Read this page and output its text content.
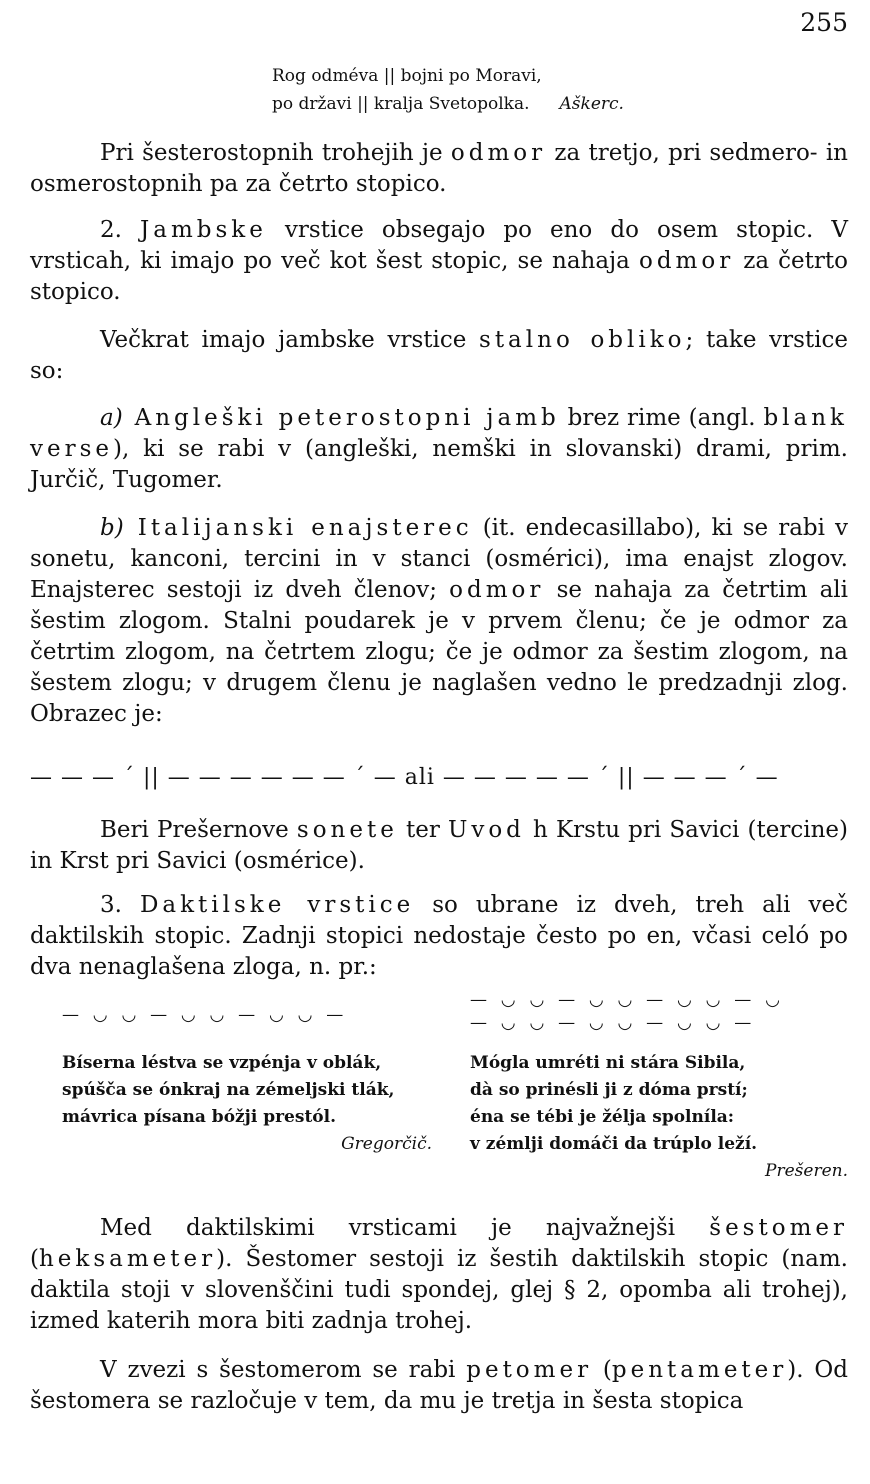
255
Rog odméva || bojni po Moravi,
po državi || kralja Svetopolka. Aškerc.

Pri šesterostopnih trohejih je odmor za tretjo, pri sedmero- in osmerostopnih pa za četrto stopico.

2. Jambske vrstice obsegajo po eno do osem stopic. V vrsticah, ki imajo po več kot šest stopic, se nahaja odmor za četrto stopico.

Večkrat imajo jambske vrstice stalno obliko; take vrstice so:

a) Angleški peterostopni jamb brez rime (angl. blank verse), ki se rabi v (angleški, nemški in slovanski) drami, prim. Jurčič, Tugomer.

b) Italijanski enajsterec (it. endecasillabo), ki se rabi v sonetu, kanconi, tercini in v stanci (osmérici), ima enajst zlogov. Enajsterec sestoji iz dveh členov; odmor se nahaja za četrtim ali šestim zlogom. Stalni poudarek je v prvem členu; če je odmor za četrtim zlogom, na četrtem zlogu; če je odmor za šestim zlogom, na šestem zlogu; v drugem členu je naglašen vedno le predzadnji zlog. Obrazec je:

— — — ´ || — — — — — — ´ — ali — — — — — ´ || — — — ´ —

Beri Prešernove sonete ter Uvod h Krstu pri Savici (tercine) in Krst pri Savici (osmérice).

3. Daktilske vrstice so ubrane iz dveh, treh ali več daktilskih stopic. Zadnji stopici nedostaje često po en, včasi celó po dva nenaglašena zloga, n. pr.:

—  ◡  ◡  —  ◡  ◡  —  ◡  ◡  —
—  ◡  ◡  —  ◡  ◡  —  ◡  ◡  —  ◡
—  ◡  ◡  —  ◡  ◡  —  ◡  ◡  —
Bíserna léstva se vzpénja v oblák,
spúšča se ónkraj na zémeljski tlák,
mávrica písana bóžji prestól.
Gregorčič.
Mógla umréti ni stára Sibila,
dà so prinésli ji z dóma prstí;
éna se tébi je žélja spolníla:
v zémlji domáči da trúplo leží.
Prešeren.

Med daktilskimi vrsticami je najvažnejši šestomer (heksameter). Šestomer sestoji iz šestih daktilskih stopic (nam. daktila stoji v slovenščini tudi spondej, glej § 2, opomba ali trohej), izmed katerih mora biti zadnja trohej.

V zvezi s šestomerom se rabi petomer (pentameter). Od šestomera se razločuje v tem, da mu je tretja in šesta stopica
